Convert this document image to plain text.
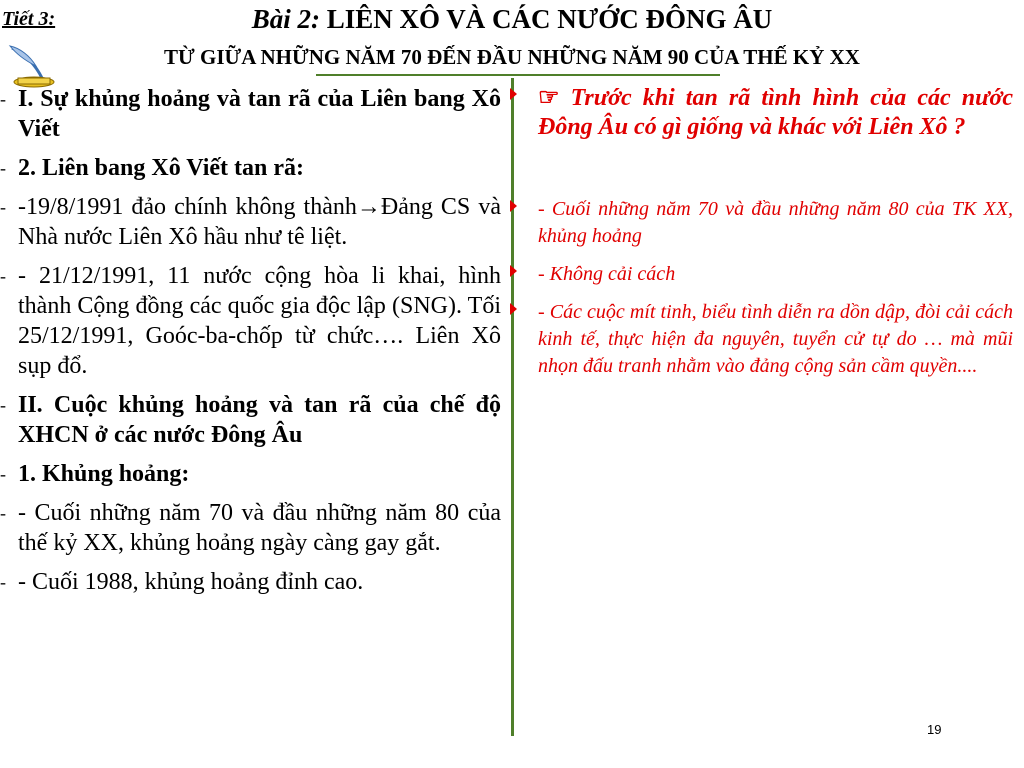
Tiết 3:	Bài 2: LIÊN XÔ VÀ CÁC NƯỚC ĐÔNG ÂU
TỪ GIỮA NHỮNG NĂM 70 ĐẾN ĐẦU NHỮNG NĂM 90 CỦA THẾ KỶ XX
- I. Sự khủng hoảng và tan rã của Liên bang Xô Viết
- 2. Liên bang Xô Viết tan rã:
- -19/8/1991 đảo chính không thành→Đảng CS và Nhà nước Liên Xô hầu như tê liệt.
- - 21/12/1991, 11 nước cộng hòa li khai, hình thành Cộng đồng các quốc gia độc lập (SNG). Tối 25/12/1991, Goóc-ba-chốp từ chức…. Liên Xô sụp đổ.
- II. Cuộc khủng hoảng và tan rã của chế độ XHCN ở các nước Đông Âu
- 1. Khủng hoảng:
- - Cuối những năm 70 và đầu những năm 80 của thế kỷ XX, khủng hoảng ngày càng gay gắt.
- - Cuối 1988, khủng hoảng đỉnh cao.
☞ Trước khi tan rã tình hình của các nước Đông Âu có gì giống và khác với Liên Xô ?
- Cuối những năm 70 và đầu những năm 80 của TK XX, khủng hoảng
- Không cải cách
- Các cuộc mít tinh, biểu tình diễn ra dồn dập, đòi cải cách kinh tế, thực hiện đa nguyên, tuyển cử tự do … mà mũi nhọn đấu tranh nhằm vào đảng cộng sản cầm quyền....
19
